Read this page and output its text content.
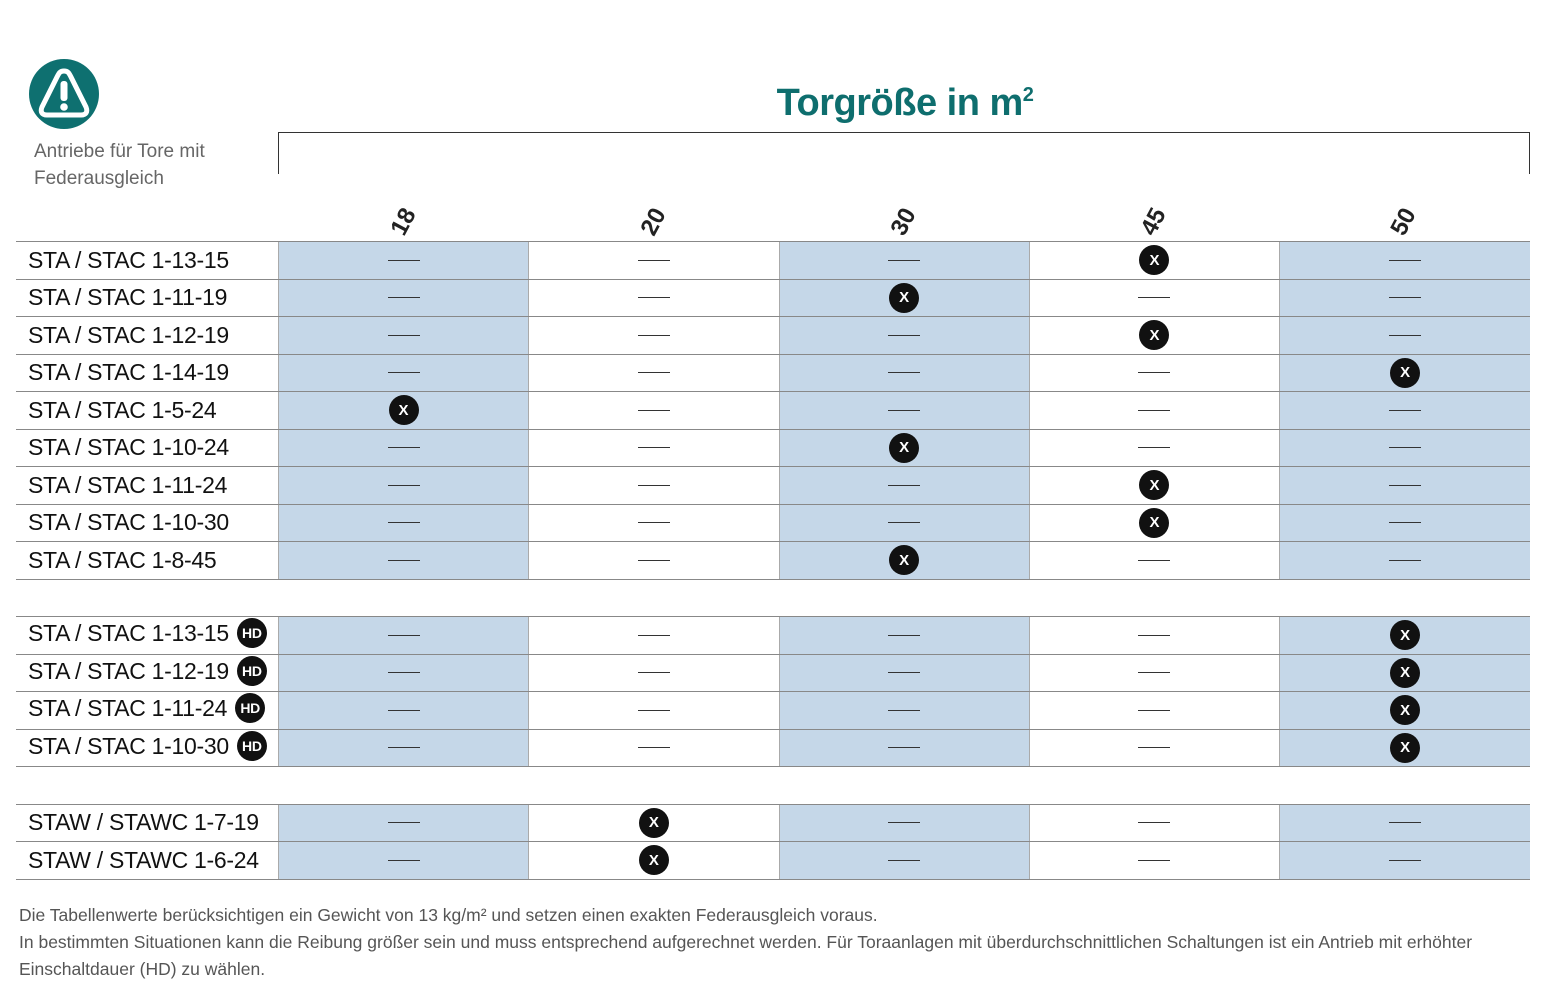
Antriebe für Tore mit Federausgleich
Torgröße in $m^2$
18	20	30	45	50
STA / STAC 1-13-15				X	
STA / STAC 1-11-19			X		
STA / STAC 1-12-19				X	
STA / STAC 1-14-19					X
STA / STAC 1-5-24	X				
STA / STAC 1-10-24			X		
STA / STAC 1-11-24				X	
STA / STAC 1-10-30				X	
STA / STAC 1-8-45			X		

STA / STAC 1-13-15 HD					X
STA / STAC 1-12-19 HD					X
STA / STAC 1-11-24 HD					X
STA / STAC 1-10-30 HD					X

STAW / STAWC 1-7-19		X			
STAW / STAWC 1-6-24		X			
Die Tabellenwerte berücksichtigen ein Gewicht von 13 kg/m² und setzen einen exakten Federausgleich voraus.
In bestimmten Situationen kann die Reibung größer sein und muss entsprechend aufgerechnet werden. Für Toraanlagen mit überdurchschnittlichen Schaltungen ist ein Antrieb mit erhöhter Einschaltdauer (HD) zu wählen.
